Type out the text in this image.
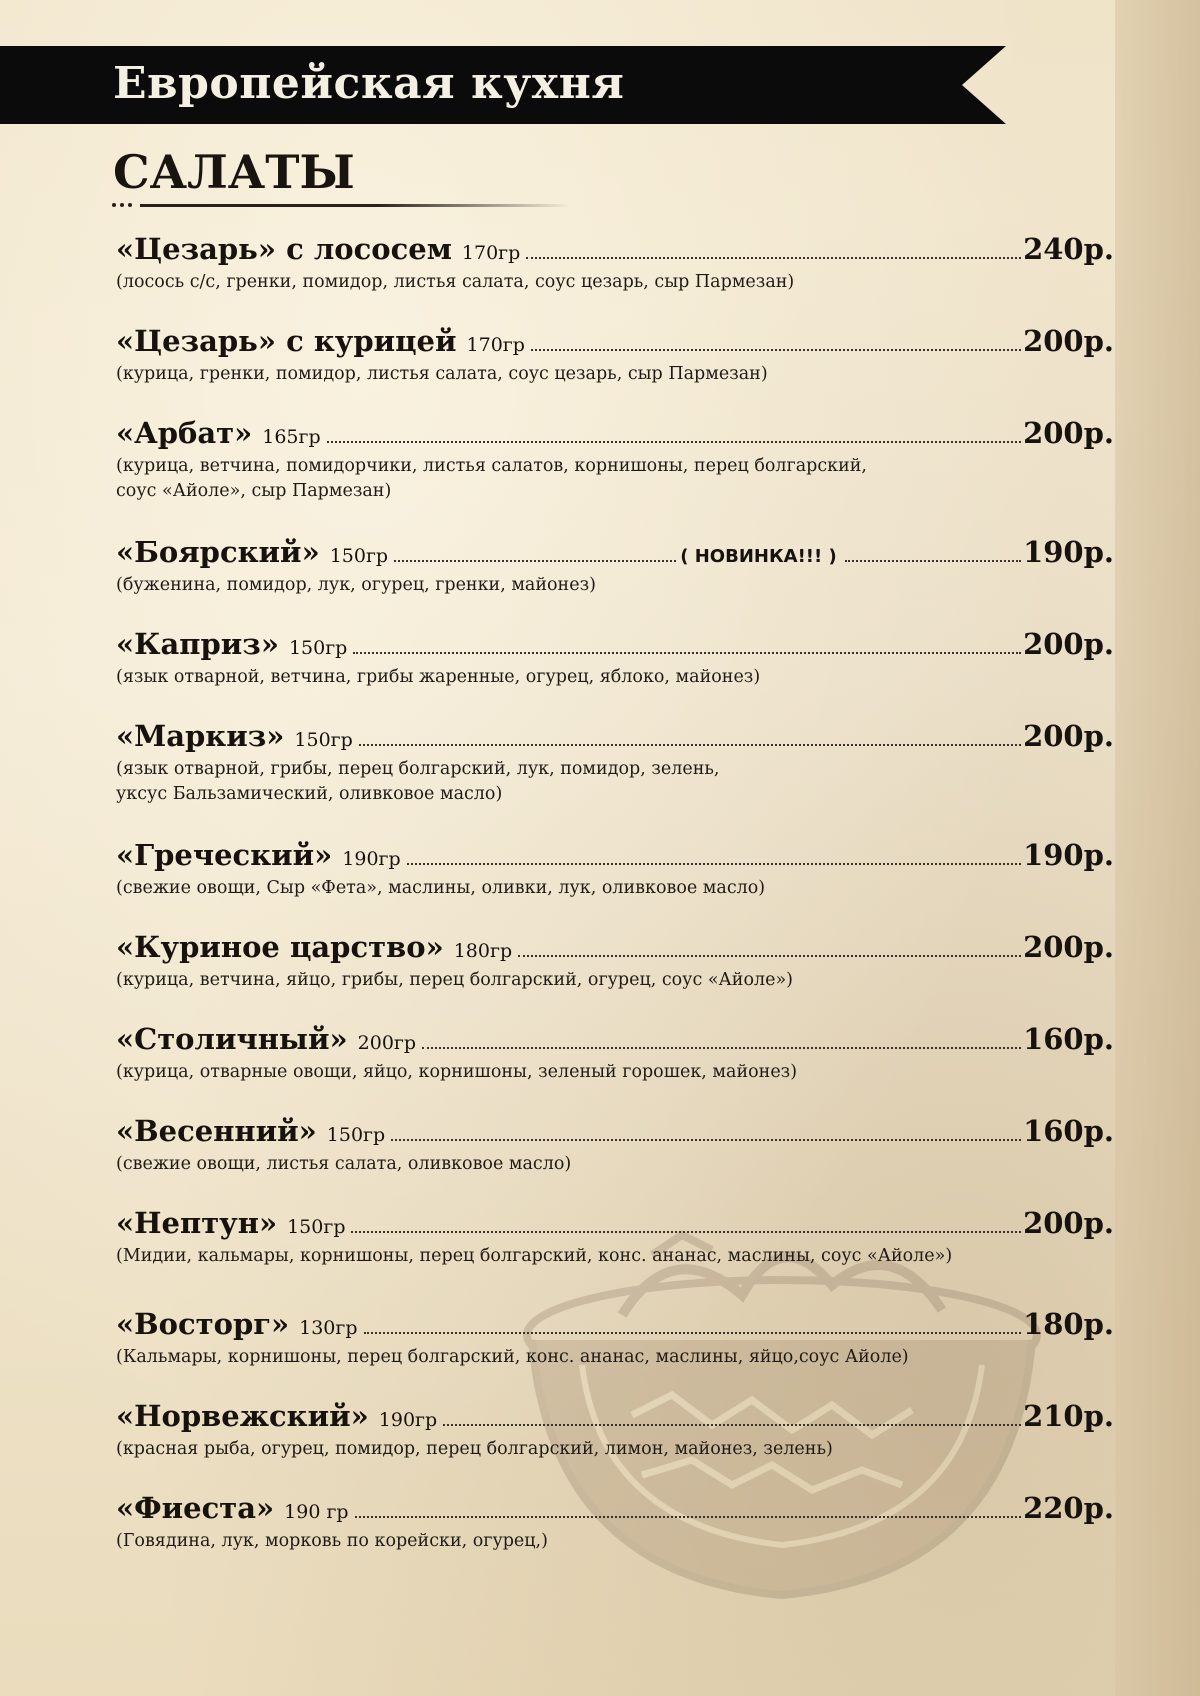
Европейская кухня
САЛАТЫ
«Цезарь» с лососем 170гр	240р.
(лосось с/с, гренки, помидор, листья салата, соус цезарь, сыр Пармезан)
«Цезарь» с курицей 170гр	200р.
(курица, гренки, помидор, листья салата, соус цезарь, сыр Пармезан)
«Арбат» 165гр	200р.
(курица, ветчина, помидорчики, листья салатов, корнишоны, перец болгарский,
соус «Айоле», сыр Пармезан)
«Боярский» 150гр	( НОВИНКА!!! )	190р.
(буженина, помидор, лук, огурец, гренки, майонез)
«Каприз» 150гр	200р.
(язык отварной, ветчина, грибы жаренные, огурец, яблоко, майонез)
«Маркиз» 150гр	200р.
(язык отварной, грибы, перец болгарский, лук, помидор, зелень,
уксус Бальзамический, оливковое масло)
«Греческий» 190гр	190р.
(свежие овощи, Сыр «Фета», маслины, оливки, лук, оливковое масло)
«Куриное царство» 180гр	200р.
(курица, ветчина, яйцо, грибы, перец болгарский, огурец, соус «Айоле»)
«Столичный» 200гр	160р.
(курица, отварные овощи, яйцо, корнишоны, зеленый горошек, майонез)
«Весенний» 150гр	160р.
(свежие овощи, листья салата, оливковое масло)
«Нептун» 150гр	200р.
(Мидии, кальмары, корнишоны, перец болгарский, конс. ананас, маслины, соус «Айоле»)
«Восторг» 130гр	180р.
(Кальмары, корнишоны, перец болгарский, конс. ананас, маслины, яйцо,соус Айоле)
«Норвежский» 190гр	210р.
(красная рыба, огурец, помидор, перец болгарский, лимон, майонез, зелень)
«Фиеста» 190 гр	220р.
(Говядина, лук, морковь по корейски, огурец,)
